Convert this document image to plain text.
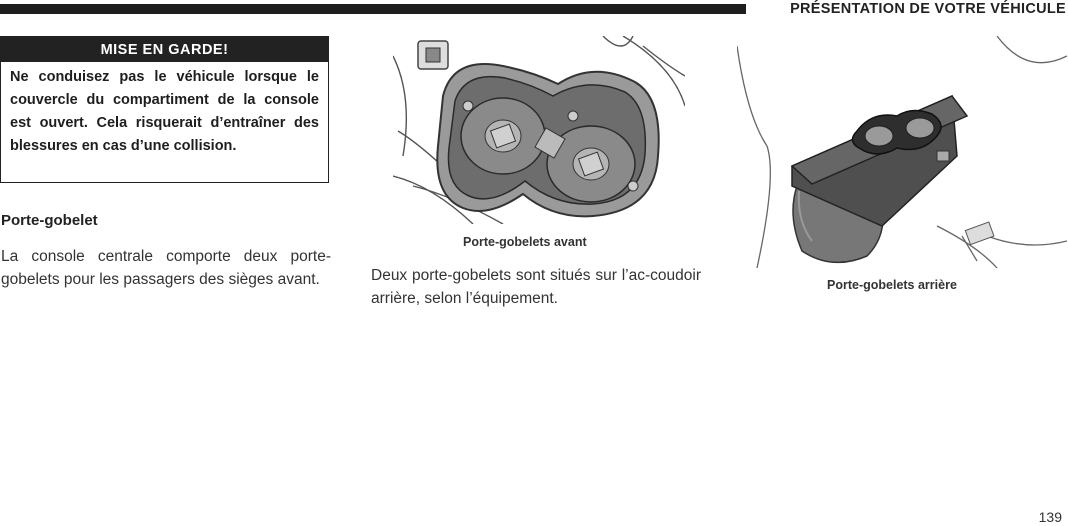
PRÉSENTATION DE VOTRE VÉHICULE
MISE EN GARDE!
Ne conduisez pas le véhicule lorsque le couvercle du compartiment de la console est ouvert. Cela risquerait d’entraîner des blessures en cas d’une collision.
Porte-gobelet
La console centrale comporte deux porte-gobelets pour les passagers des sièges avant.
Porte-gobelets avant
Deux porte-gobelets sont situés sur l’ac-coudoir arrière, selon l’équipement.
Porte-gobelets arrière
139
